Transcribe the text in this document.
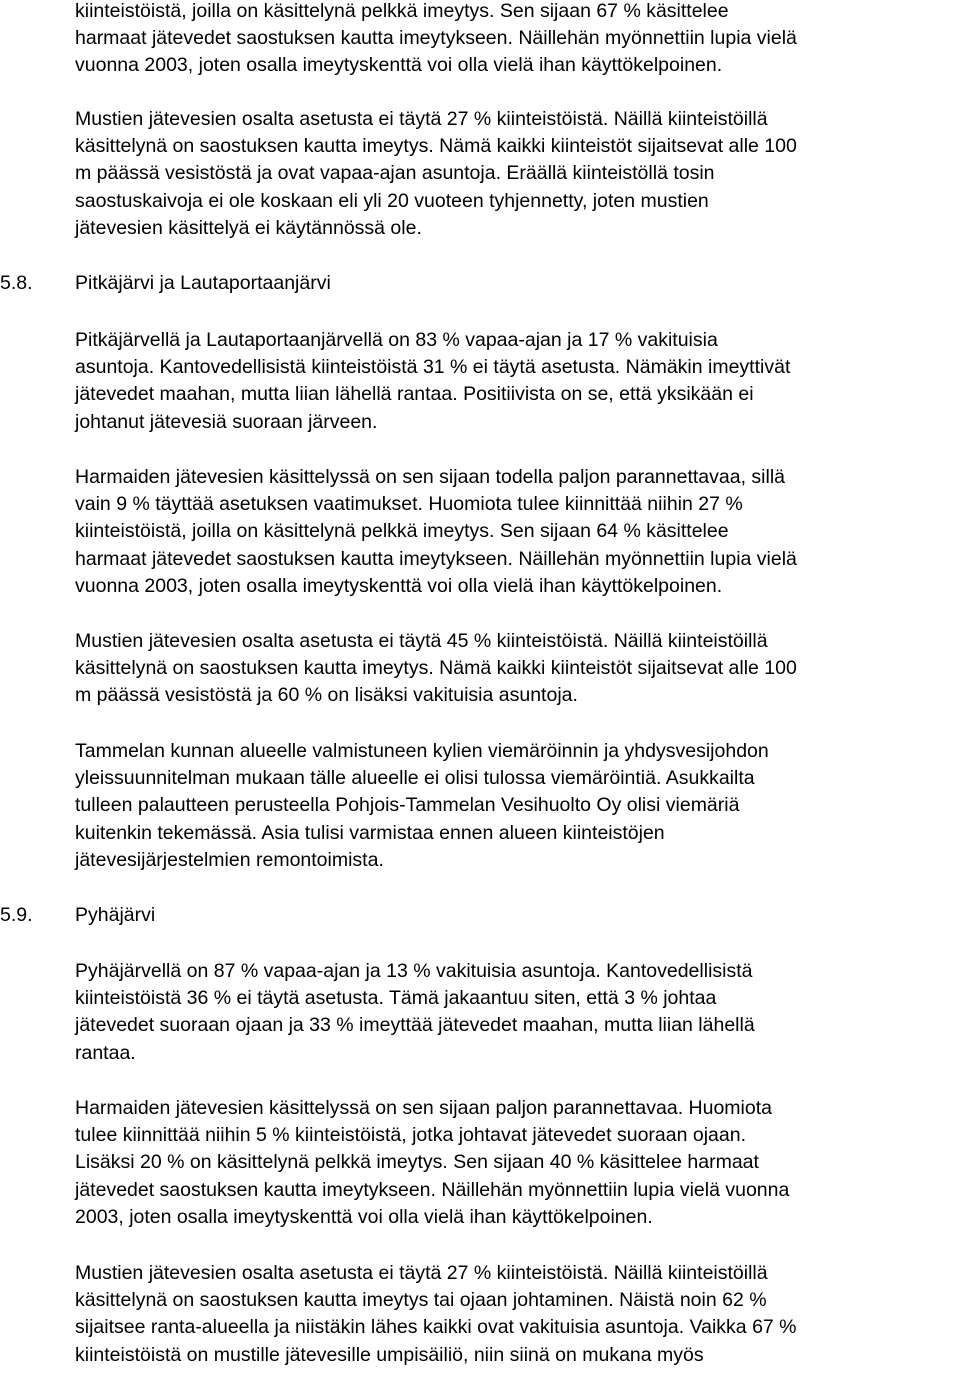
kiinteistöistä, joilla on käsittelynä pelkkä imeytys. Sen sijaan 67 % käsittelee
harmaat jätevedet saostuksen kautta imeytykseen. Näillehän myönnettiin lupia vielä
vuonna 2003, joten osalla imeytyskenttä voi olla vielä ihan käyttökelpoinen.
Mustien jätevesien osalta asetusta ei täytä 27 % kiinteistöistä. Näillä kiinteistöillä
käsittelynä on saostuksen kautta imeytys. Nämä kaikki kiinteistöt sijaitsevat alle 100
m päässä vesistöstä ja ovat vapaa-ajan asuntoja. Eräällä kiinteistöllä tosin
saostuskaivoja ei ole koskaan eli yli 20 vuoteen tyhjennetty, joten mustien
jätevesien käsittelyä ei käytännössä ole.
5.8. Pitkäjärvi ja Lautaportaanjärvi
Pitkäjärvellä ja Lautaportaanjärvellä on 83 % vapaa-ajan ja 17 % vakituisia
asuntoja. Kantovedellisistä kiinteistöistä 31 % ei täytä asetusta. Nämäkin imeyttivät
jätevedet maahan, mutta liian lähellä rantaa. Positiivista on se, että yksikään ei
johtanut jätevesiä suoraan järveen.
Harmaiden jätevesien käsittelyssä on sen sijaan todella paljon parannettavaa, sillä
vain 9 % täyttää asetuksen vaatimukset. Huomiota tulee kiinnittää niihin 27 %
kiinteistöistä, joilla on käsittelynä pelkkä imeytys. Sen sijaan 64 % käsittelee
harmaat jätevedet saostuksen kautta imeytykseen. Näillehän myönnettiin lupia vielä
vuonna 2003, joten osalla imeytyskenttä voi olla vielä ihan käyttökelpoinen.
Mustien jätevesien osalta asetusta ei täytä 45 % kiinteistöistä. Näillä kiinteistöillä
käsittelynä on saostuksen kautta imeytys. Nämä kaikki kiinteistöt sijaitsevat alle 100
m päässä vesistöstä ja 60 % on lisäksi vakituisia asuntoja.
Tammelan kunnan alueelle valmistuneen kylien viemäröinnin ja yhdysvesijohdon
yleissuunnitelman mukaan tälle alueelle ei olisi tulossa viemäröintiä. Asukkailta
tulleen palautteen perusteella Pohjois-Tammelan Vesihuolto Oy olisi viemäriä
kuitenkin tekemässä. Asia tulisi varmistaa ennen alueen kiinteistöjen
jätevesijärjestelmien remontoimista.
5.9. Pyhäjärvi
Pyhäjärvellä on 87 % vapaa-ajan ja 13 % vakituisia asuntoja. Kantovedellisistä
kiinteistöistä 36 % ei täytä asetusta. Tämä jakaantuu siten, että 3 % johtaa
jätevedet suoraan ojaan ja 33 % imeyttää jätevedet maahan, mutta liian lähellä
rantaa.
Harmaiden jätevesien käsittelyssä on sen sijaan paljon parannettavaa. Huomiota
tulee kiinnittää niihin 5 % kiinteistöistä, jotka johtavat jätevedet suoraan ojaan.
Lisäksi 20 % on käsittelynä pelkkä imeytys. Sen sijaan 40 % käsittelee harmaat
jätevedet saostuksen kautta imeytykseen. Näillehän myönnettiin lupia vielä vuonna
2003, joten osalla imeytyskenttä voi olla vielä ihan käyttökelpoinen.
Mustien jätevesien osalta asetusta ei täytä 27 % kiinteistöistä. Näillä kiinteistöillä
käsittelynä on saostuksen kautta imeytys tai ojaan johtaminen. Näistä noin 62 %
sijaitsee ranta-alueella ja niistäkin lähes kaikki ovat vakituisia asuntoja. Vaikka 67 %
kiinteistöistä on mustille jätevesille umpisäiliö, niin siinä on mukana myös
